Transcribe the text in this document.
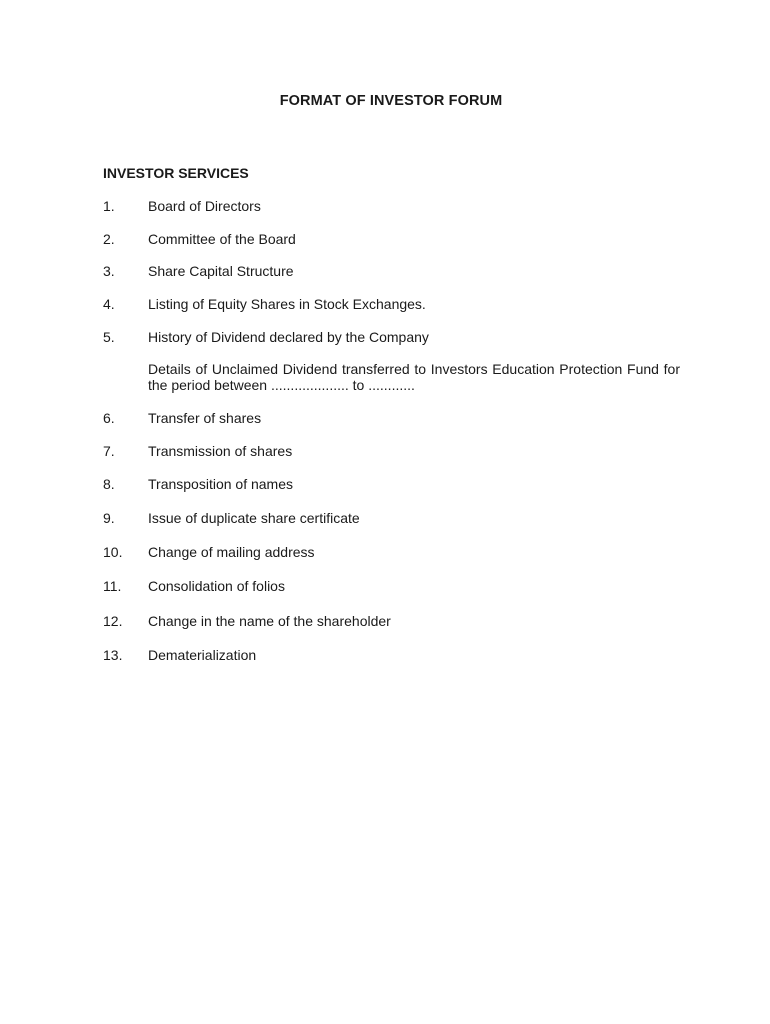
FORMAT OF INVESTOR FORUM
INVESTOR SERVICES
1.	Board of Directors
2.	Committee of the Board
3.	Share Capital Structure
4.	Listing of Equity Shares in Stock Exchanges.
5.	History of Dividend declared by the Company
Details of Unclaimed Dividend transferred to Investors Education Protection Fund for the period between .................... to ............
6.	Transfer of shares
7.	Transmission of shares
8.	Transposition of names
9.	Issue of duplicate share certificate
10.	Change of mailing address
11.	Consolidation of folios
12.	Change in the name of the shareholder
13.	Dematerialization
